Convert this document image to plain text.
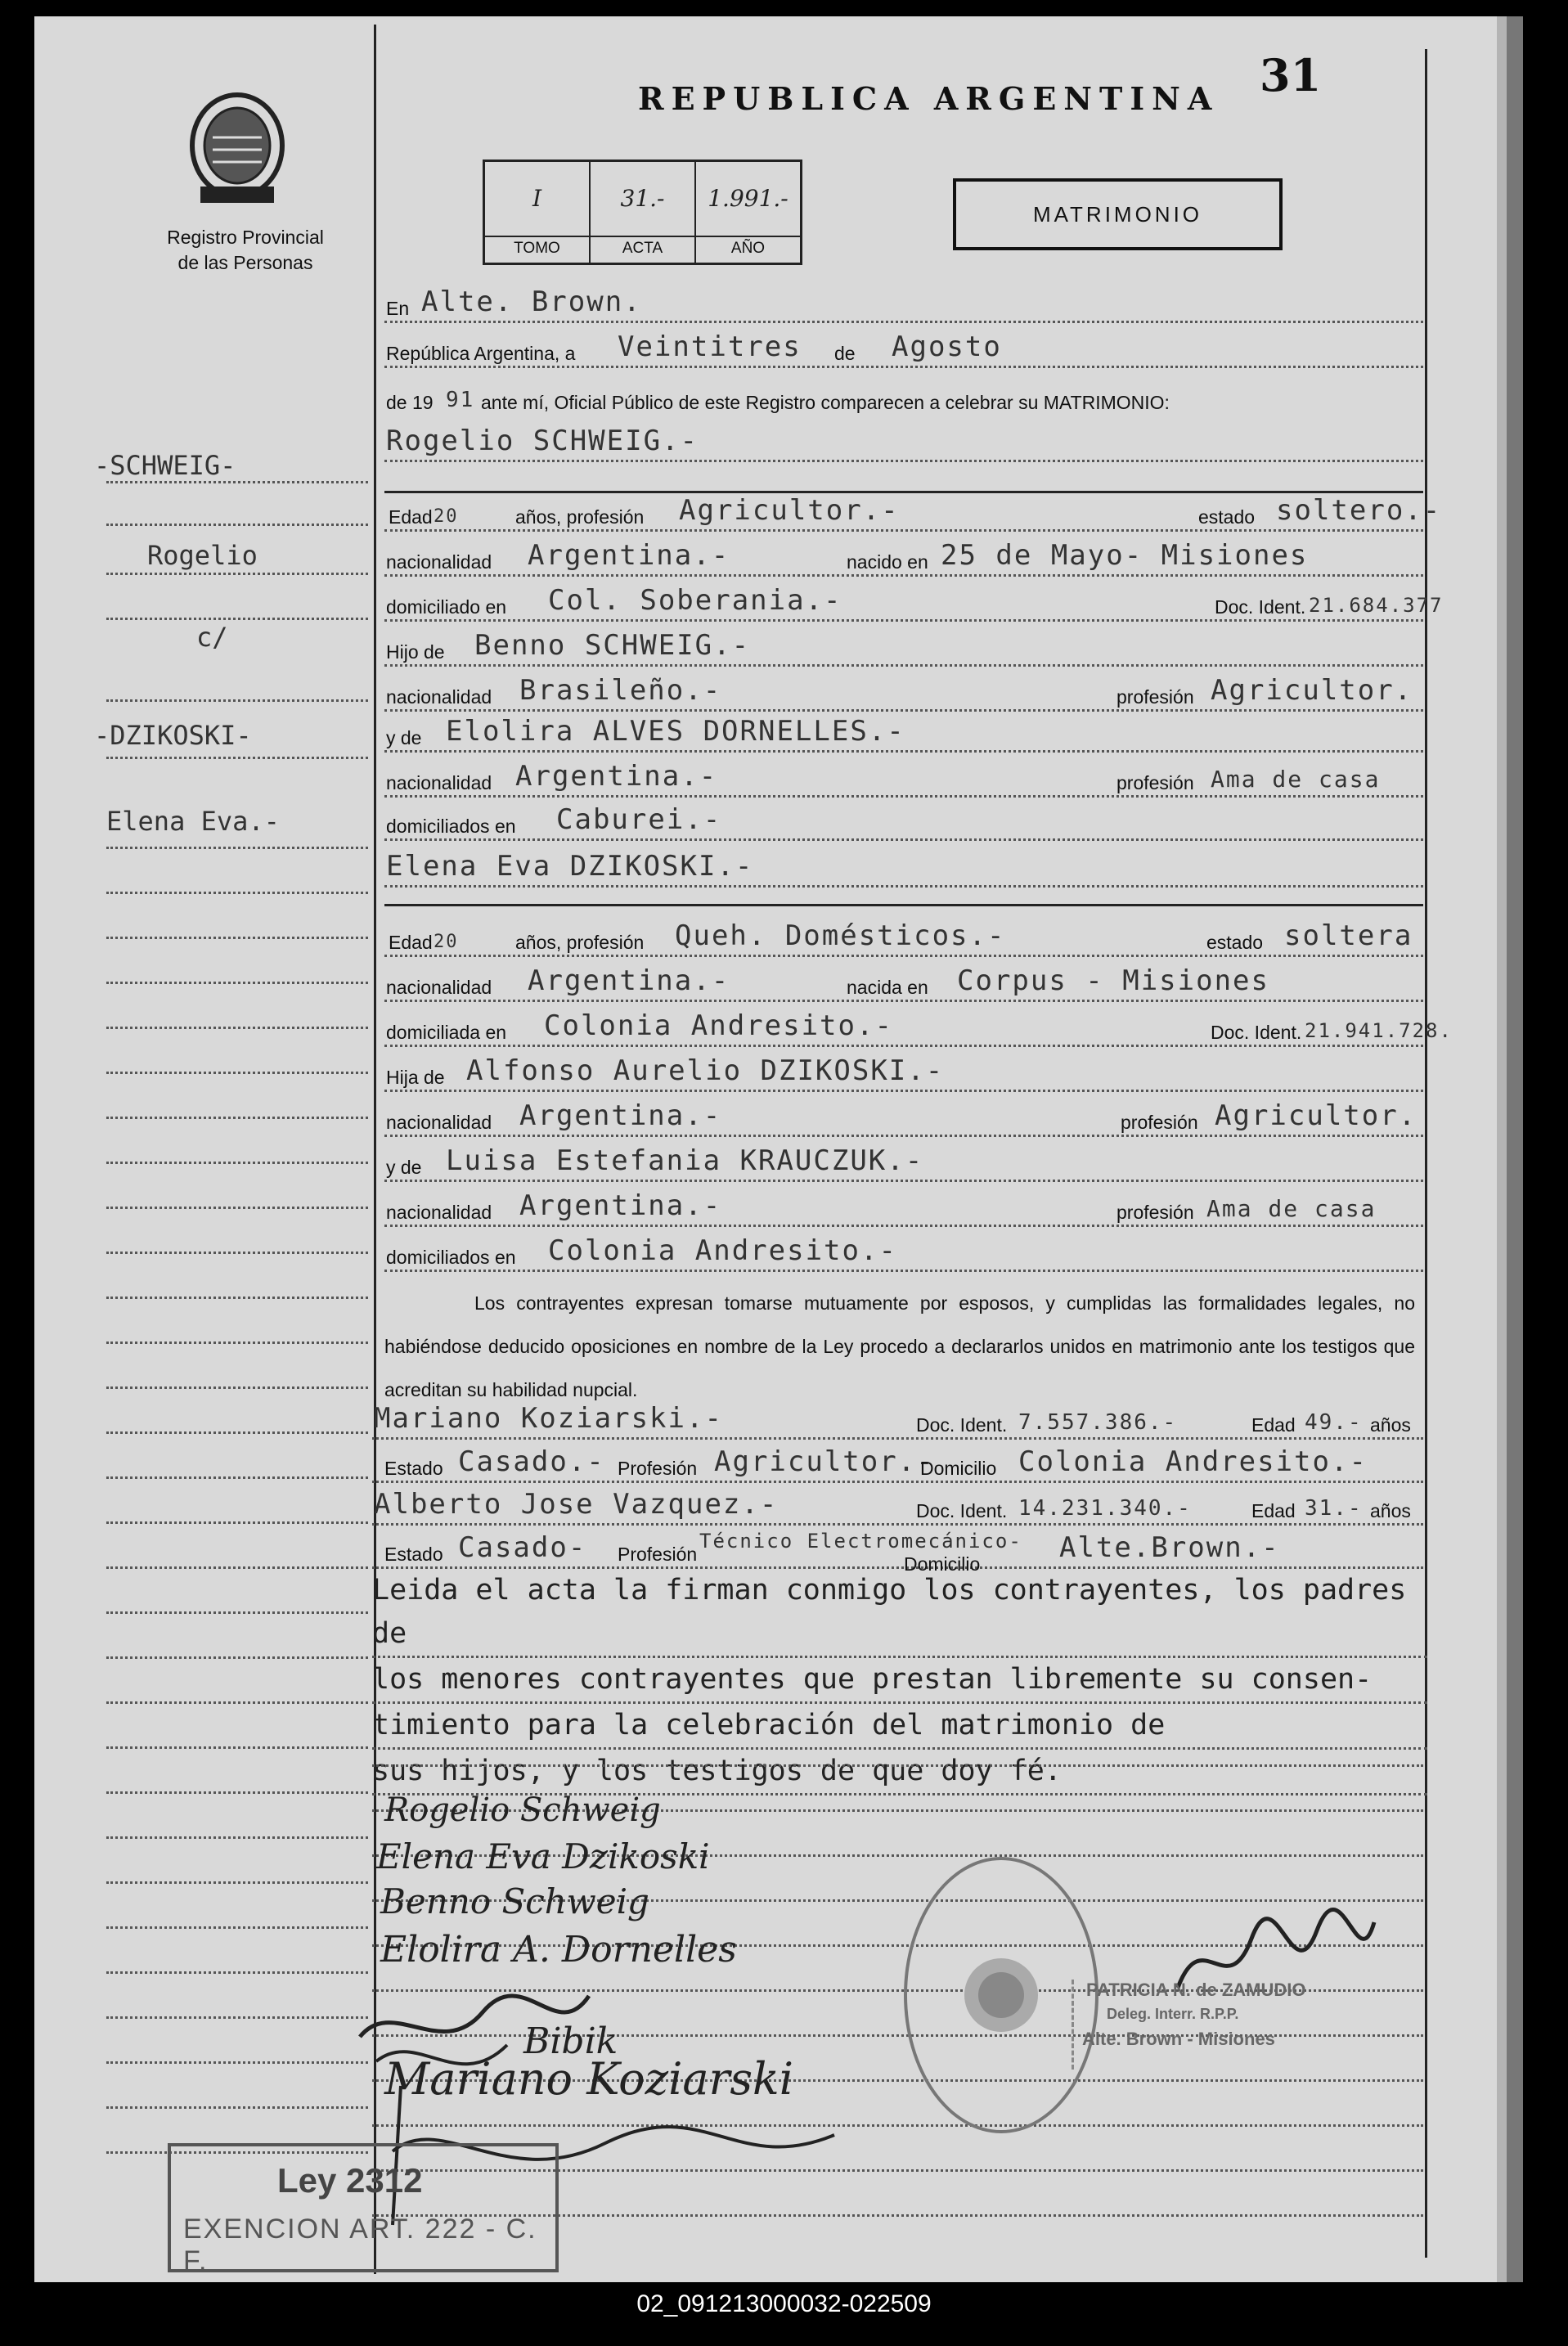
REPUBLICA ARGENTINA 31
Registro Provincial
de las Personas
I
TOMO
31.-
ACTA
1.991.-
AÑO
MATRIMONIO
-SCHWEIG-
Rogelio
c/
-DZIKOSKI-
Elena Eva.-
En Alte. Brown.
República Argentina, a Veintitres de Agosto
de 19 91 ante mí, Oficial Público de este Registro comparecen a celebrar su MATRIMONIO:
Rogelio SCHWEIG.-
Edad 20	años, profesión Agricultor.-	estado soltero.-
nacionalidad Argentina.-	nacido en 25 de Mayo- Misiones
domiciliado en Col. Soberania.-	Doc. Ident. 21.684.377
Hijo de Benno SCHWEIG.-
nacionalidad Brasileño.-	profesión Agricultor.
y de Elolira ALVES DORNELLES.-
nacionalidad Argentina.-	profesión Ama de casa
domiciliados en Caburei.-
Elena Eva DZIKOSKI.-
Edad 20	años, profesión Queh. Domésticos.-	estado soltera
nacionalidad Argentina.-	nacida en Corpus - Misiones
domiciliada en Colonia Andresito.-	Doc. Ident. 21.941.728.
Hija de Alfonso Aurelio DZIKOSKI.-
nacionalidad Argentina.-	profesión Agricultor.
y de Luisa Estefania KRAUCZUK.-
nacionalidad Argentina.-	profesión Ama de casa
domiciliados en Colonia Andresito.-
Los contrayentes expresan tomarse mutuamente por esposos, y cumplidas las formalidades legales, no habiéndose deducido oposiciones en nombre de la Ley procedo a declararlos unidos en matrimonio ante los testigos que acreditan su habilidad nupcial.
Mariano Koziarski.-	Doc. Ident. 7.557.386.-	Edad 49.- años
Estado Casado.- Profesión Agricultor.-
Domicilio Colonia Andresito.-
Alberto Jose Vazquez.-	Doc. Ident. 14.231.340.-	Edad 31.- años
Estado Casado- Profesión
Técnico Electromecánico-
Domicilio	Alte.Brown.-
Leida el acta la firman conmigo los contrayentes, los padres de
los menores contrayentes que prestan libremente su consen-
timiento para la celebración del matrimonio de
sus hijos, y los testigos de que doy fé.
Rogelio Schweig
Elena Eva Dzikoski
Benno Schweig
Elolira A. Dornelles
Bibik
Mariano Koziarski
PATRICIA N. de ZAMUDIO
Deleg. Interr. R.P.P.
Alte. Brown - Misiones
Ley 2312
EXENCION ART. 222 - C. F.
02_091213000032-022509
